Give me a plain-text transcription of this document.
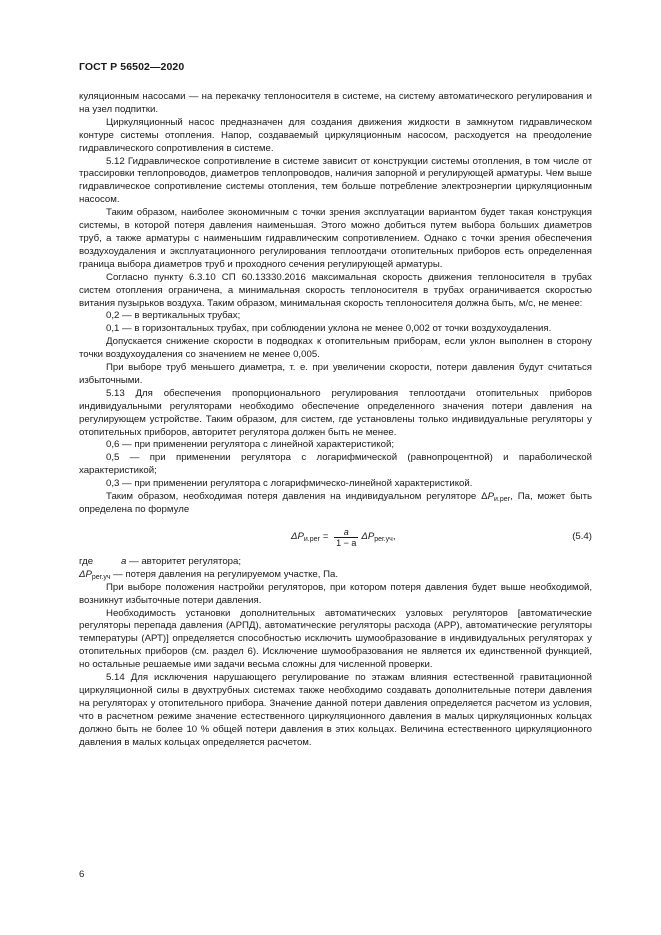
ГОСТ Р 56502—2020

куляционным насосами — на перекачку теплоносителя в системе, на систему автоматического регулирования и на узел подпитки.

Циркуляционный насос предназначен для создания движения жидкости в замкнутом гидравлическом контуре системы отопления. Напор, создаваемый циркуляционным насосом, расходуется на преодоление гидравлического сопротивления в системе.

5.12 Гидравлическое сопротивление в системе зависит от конструкции системы отопления, в том числе от трассировки теплопроводов, диаметров теплопроводов, наличия запорной и регулирующей арматуры. Чем выше гидравлическое сопротивление системы отопления, тем больше потребление электроэнергии циркуляционным насосом.

Таким образом, наиболее экономичным с точки зрения эксплуатации вариантом будет такая конструкция системы, в которой потеря давления наименьшая. Этого можно добиться путем выбора больших диаметров труб, а также арматуры с наименьшим гидравлическим сопротивлением. Однако с точки зрения обеспечения воздухоудаления и эксплуатационного регулирования теплоотдачи отопительных приборов есть определенная граница выбора диаметров труб и проходного сечения регулирующей арматуры.

Согласно пункту 6.3.10 СП 60.13330.2016 максимальная скорость движения теплоносителя в трубах систем отопления ограничена, а минимальная скорость теплоносителя в трубах ограничивается скоростью витания пузырьков воздуха. Таким образом, минимальная скорость теплоносителя должна быть, м/с, не менее:

0,2 — в вертикальных трубах;

0,1 — в горизонтальных трубах, при соблюдении уклона не менее 0,002 от точки воздухоудаления.

Допускается снижение скорости в подводках к отопительным приборам, если уклон выполнен в сторону точки воздухоудаления со значением не менее 0,005.

При выборе труб меньшего диаметра, т. е. при увеличении скорости, потери давления будут считаться избыточными.

5.13 Для обеспечения пропорционального регулирования теплоотдачи отопительных приборов индивидуальными регуляторами необходимо обеспечение определенного значения потери давления на регулирующем устройстве. Таким образом, для систем, где установлены только индивидуальные регуляторы у отопительных приборов, авторитет регулятора должен быть не менее.

0,6 — при применении регулятора с линейной характеристикой;

0,5 — при применении регулятора с логарифмической (равнопроцентной) и параболической характеристикой;

0,3 — при применении регулятора с логарифмическо-линейной характеристикой.

Таким образом, необходимая потеря давления на индивидуальном регуляторе $\Delta P_{и.рег}$, Па, может быть определена по формуле

$\Delta P_{и.рег} = \frac{a}{1 - a} \Delta P_{рег.уч}$ ,	(5.4)

где	a — авторитет регулятора;

$\Delta P_{рег.уч}$ — потеря давления на регулируемом участке, Па.

При выборе положения настройки регуляторов, при котором потеря давления будет выше необходимой, возникнут избыточные потери давления.

Необходимость установки дополнительных автоматических узловых регуляторов [автоматические регуляторы перепада давления (АРПД), автоматические регуляторы расхода (АРР), автоматические регуляторы температуры (АРТ)] определяется способностью исключить шумообразование в индивидуальных регуляторах у отопительных приборов (см. раздел 6). Исключение шумообразования не является их единственной функцией, но остальные решаемые ими задачи весьма сложны для численной проверки.

5.14 Для исключения нарушающего регулирование по этажам влияния естественной гравитационной циркуляционной силы в двухтрубных системах также необходимо создавать дополнительные потери давления на регуляторах у отопительного прибора. Значение данной потери давления определяется расчетом из условия, что в расчетном режиме значение естественного циркуляционного давления в малых циркуляционных кольцах должно быть не более 10 % общей потери давления в этих кольцах. Величина естественного циркуляционного давления в малых кольцах определяется расчетом.

6
